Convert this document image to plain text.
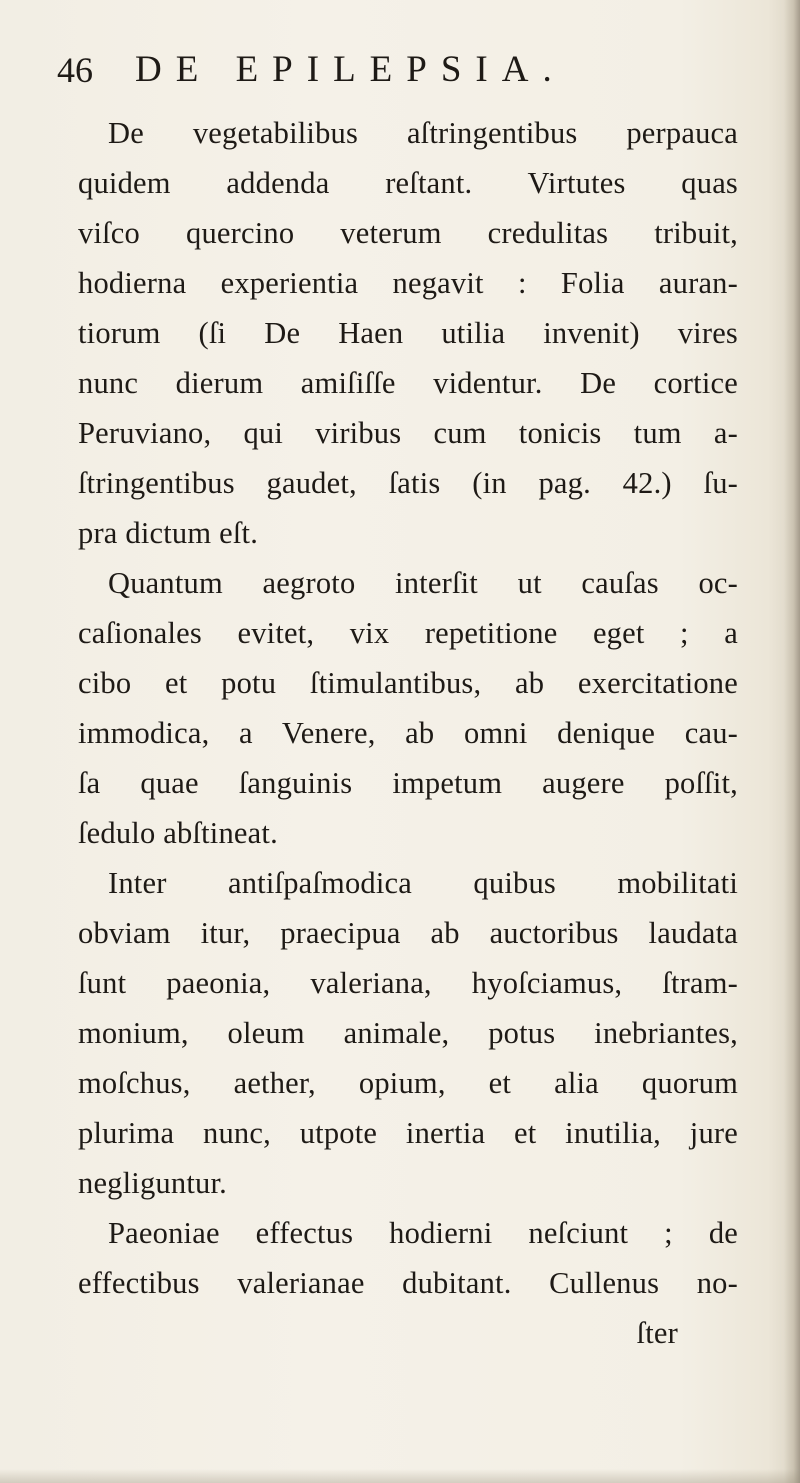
46 DE EPILEPSIA.
De vegetabilibus aſtringentibus perpauca
quidem addenda reſtant. Virtutes quas
viſco quercino veterum credulitas tribuit,
hodierna experientia negavit : Folia auran-
tiorum (ſi De Haen utilia invenit) vires
nunc dierum amiſiſſe videntur. De cortice
Peruviano, qui viribus cum tonicis tum a-
ſtringentibus gaudet, ſatis (in pag. 42.) ſu-
pra dictum eſt.
Quantum aegroto interſit ut cauſas oc-
caſionales evitet, vix repetitione eget ; a
cibo et potu ſtimulantibus, ab exercitatione
immodica, a Venere, ab omni denique cau-
ſa quae ſanguinis impetum augere poſſit,
ſedulo abſtineat.
Inter antiſpaſmodica quibus mobilitati
obviam itur, praecipua ab auctoribus laudata
ſunt paeonia, valeriana, hyoſciamus, ſtram-
monium, oleum animale, potus inebriantes,
moſchus, aether, opium, et alia quorum
plurima nunc, utpote inertia et inutilia, jure
negliguntur.
Paeoniae effectus hodierni neſciunt ; de
effectibus valerianae dubitant. Cullenus no-
ſter
